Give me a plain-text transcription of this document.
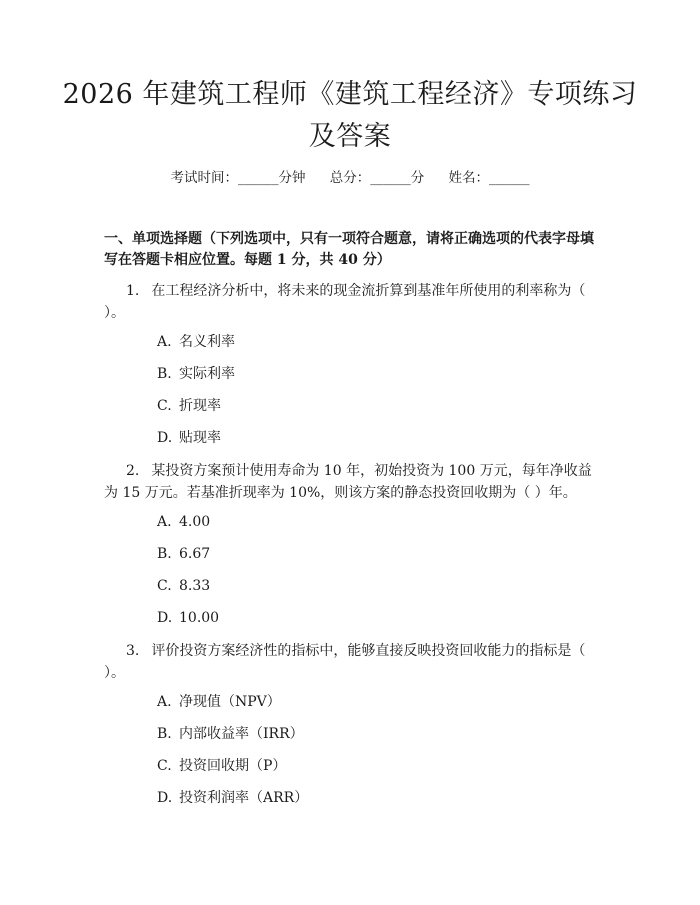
2026 年建筑工程师《建筑工程经济》专项练习及答案
考试时间：______分钟 总分：______分 姓名：______
一、单项选择题（下列选项中，只有一项符合题意，请将正确选项的代表字母填写在答题卡相应位置。每题 1 分，共 40 分）
1. 在工程经济分析中，将未来的现金流折算到基准年所使用的利率称为（ ）。
A. 名义利率
B. 实际利率
C. 折现率
D. 贴现率
2. 某投资方案预计使用寿命为 10 年，初始投资为 100 万元，每年净收益为 15 万元。若基准折现率为 10%，则该方案的静态投资回收期为（ ）年。
A. 4.00
B. 6.67
C. 8.33
D. 10.00
3. 评价投资方案经济性的指标中，能够直接反映投资回收能力的指标是（ ）。
A. 净现值（NPV）
B. 内部收益率（IRR）
C. 投资回收期（P）
D. 投资利润率（ARR）
